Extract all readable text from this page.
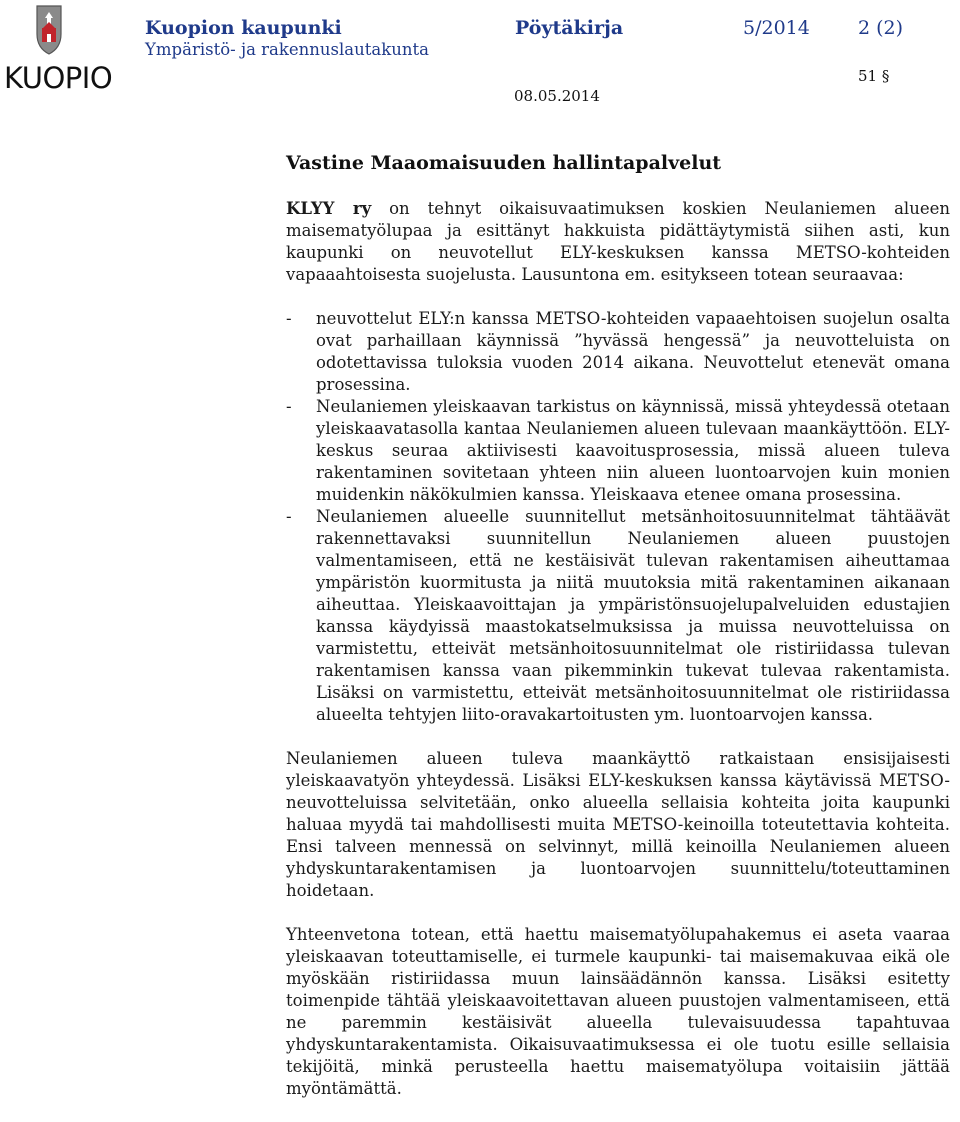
KUOPIO
Kuopion kaupunki
Ympäristö- ja rakennuslautakunta
Pöytäkirja	5/2014	2 (2)
51 §
08.05.2014
Vastine Maaomaisuuden hallintapalvelut

KLYY ry on tehnyt oikaisuvaatimuksen koskien Neulaniemen alueen maisematyölupaa ja esittänyt hakkuista pidättäytymistä siihen asti, kun kaupunki on neuvotellut ELY-keskuksen kanssa METSO-kohteiden vapaaahtoisesta suojelusta. Lausuntona em. esitykseen totean seuraavaa:

- neuvottelut ELY:n kanssa METSO-kohteiden vapaaehtoisen suojelun osalta ovat parhaillaan käynnissä ”hyvässä hengessä” ja neuvotteluista on odotettavissa tuloksia vuoden 2014 aikana. Neuvottelut etenevät omana prosessina.
- Neulaniemen yleiskaavan tarkistus on käynnissä, missä yhteydessä otetaan yleiskaavatasolla kantaa Neulaniemen alueen tulevaan maankäyttöön. ELY-keskus seuraa aktiivisesti kaavoitusprosessia, missä alueen tuleva rakentaminen sovitetaan yhteen niin alueen luontoarvojen kuin monien muidenkin näkökulmien kanssa. Yleiskaava etenee omana prosessina.
- Neulaniemen alueelle suunnitellut metsänhoitosuunnitelmat tähtäävät rakennettavaksi suunnitellun Neulaniemen alueen puustojen valmentamiseen, että ne kestäisivät tulevan rakentamisen aiheuttamaa ympäristön kuormitusta ja niitä muutoksia mitä rakentaminen aikanaan aiheuttaa. Yleiskaavoittajan ja ympäristönsuojelupalveluiden edustajien kanssa käydyissä maastokatselmuksissa ja muissa neuvotteluissa on varmistettu, etteivät metsänhoitosuunnitelmat ole ristiriidassa tulevan rakentamisen kanssa vaan pikemminkin tukevat tulevaa rakentamista. Lisäksi on varmistettu, etteivät metsänhoitosuunnitelmat ole ristiriidassa alueelta tehtyjen liito-oravakartoitusten ym. luontoarvojen kanssa.

Neulaniemen alueen tuleva maankäyttö ratkaistaan ensisijaisesti yleiskaavatyön yhteydessä. Lisäksi ELY-keskuksen kanssa käytävissä METSO-neuvotteluissa selvitetään, onko alueella sellaisia kohteita joita kaupunki haluaa myydä tai mahdollisesti muita METSO-keinoilla toteutettavia kohteita. Ensi talveen mennessä on selvinnyt, millä keinoilla Neulaniemen alueen yhdyskuntarakentamisen ja luontoarvojen suunnittelu/toteuttaminen hoidetaan.

Yhteenvetona totean, että haettu maisematyölupahakemus ei aseta vaaraa yleiskaavan toteuttamiselle, ei turmele kaupunki- tai maisemakuvaa eikä ole myöskään ristiriidassa muun lainsäädännön kanssa. Lisäksi esitetty toimenpide tähtää yleiskaavoitettavan alueen puustojen valmentamiseen, että ne paremmin kestäisivät alueella tulevaisuudessa tapahtuvaa yhdyskuntarakentamista. Oikaisuvaatimuksessa ei ole tuotu esille sellaisia tekijöitä, minkä perusteella haettu maisematyölupa voitaisiin jättää myöntämättä.
